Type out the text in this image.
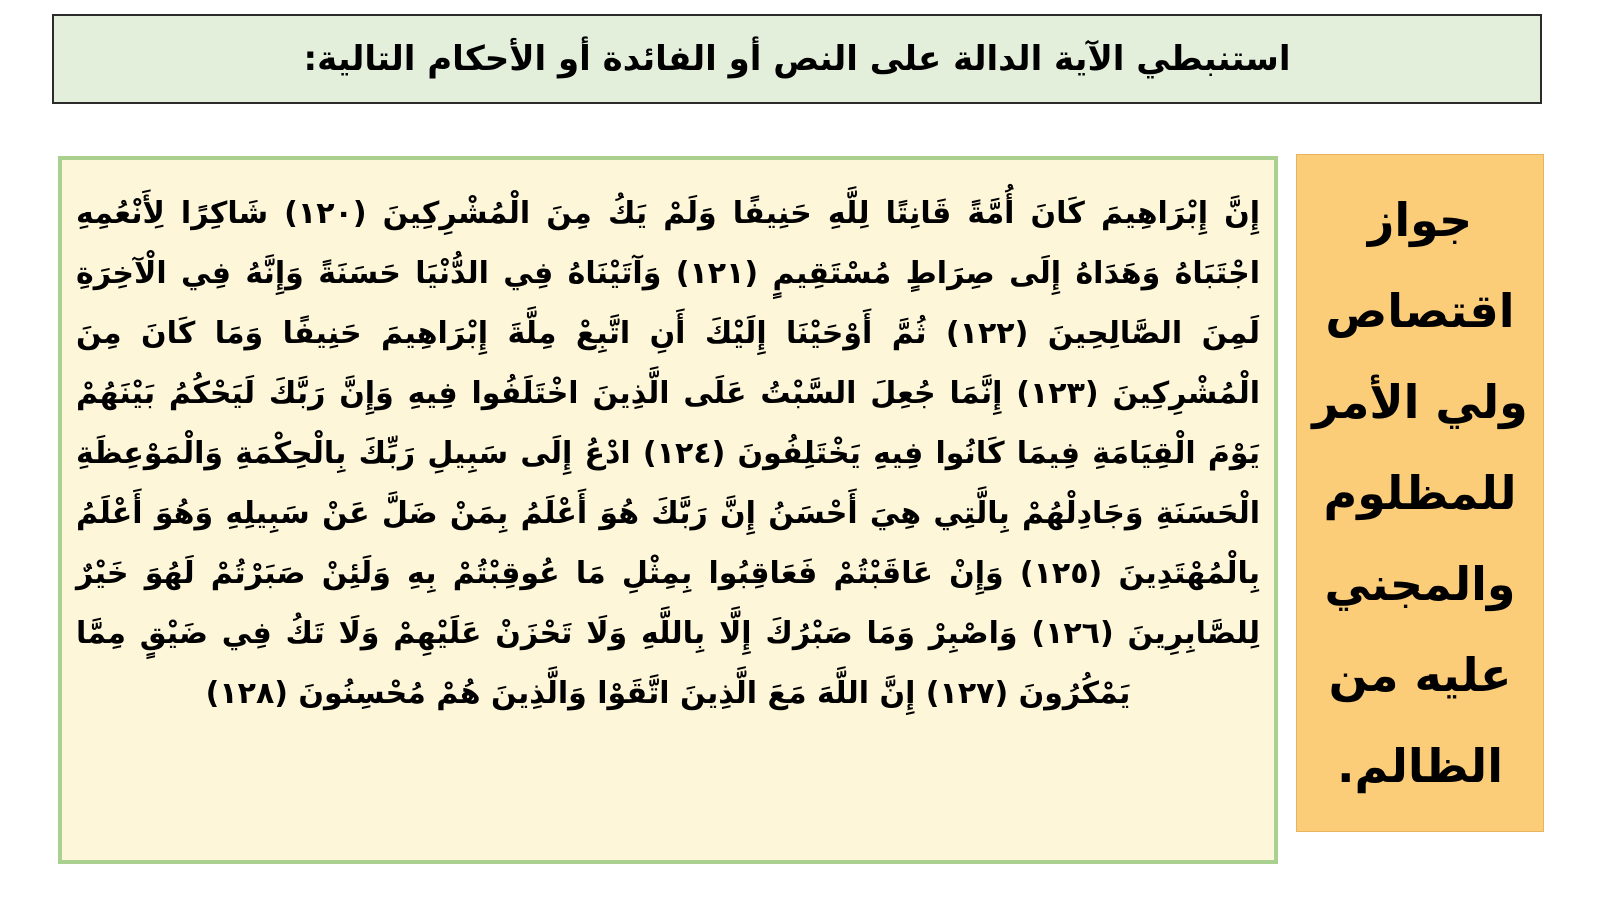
استنبطي الآية الدالة على النص أو الفائدة أو الأحكام التالية:
إِنَّ إِبْرَاهِيمَ كَانَ أُمَّةً قَانِتًا لِلَّهِ حَنِيفًا وَلَمْ يَكُ مِنَ الْمُشْرِكِينَ (١٢٠) شَاكِرًا لِأَنْعُمِهِ اجْتَبَاهُ وَهَدَاهُ إِلَى صِرَاطٍ مُسْتَقِيمٍ (١٢١) وَآتَيْنَاهُ فِي الدُّنْيَا حَسَنَةً وَإِنَّهُ فِي الْآخِرَةِ لَمِنَ الصَّالِحِينَ (١٢٢) ثُمَّ أَوْحَيْنَا إِلَيْكَ أَنِ اتَّبِعْ مِلَّةَ إِبْرَاهِيمَ حَنِيفًا وَمَا كَانَ مِنَ الْمُشْرِكِينَ (١٢٣) إِنَّمَا جُعِلَ السَّبْتُ عَلَى الَّذِينَ اخْتَلَفُوا فِيهِ وَإِنَّ رَبَّكَ لَيَحْكُمُ بَيْنَهُمْ يَوْمَ الْقِيَامَةِ فِيمَا كَانُوا فِيهِ يَخْتَلِفُونَ (١٢٤) ادْعُ إِلَى سَبِيلِ رَبِّكَ بِالْحِكْمَةِ وَالْمَوْعِظَةِ الْحَسَنَةِ وَجَادِلْهُمْ بِالَّتِي هِيَ أَحْسَنُ إِنَّ رَبَّكَ هُوَ أَعْلَمُ بِمَنْ ضَلَّ عَنْ سَبِيلِهِ وَهُوَ أَعْلَمُ بِالْمُهْتَدِينَ (١٢٥) وَإِنْ عَاقَبْتُمْ فَعَاقِبُوا بِمِثْلِ مَا عُوقِبْتُمْ بِهِ وَلَئِنْ صَبَرْتُمْ لَهُوَ خَيْرٌ لِلصَّابِرِينَ (١٢٦) وَاصْبِرْ وَمَا صَبْرُكَ إِلَّا بِاللَّهِ وَلَا تَحْزَنْ عَلَيْهِمْ وَلَا تَكُ فِي ضَيْقٍ مِمَّا يَمْكُرُونَ (١٢٧) إِنَّ اللَّهَ مَعَ الَّذِينَ اتَّقَوْا وَالَّذِينَ هُمْ مُحْسِنُونَ (١٢٨)
جواز
اقتصاص
ولي الأمر
للمظلوم
والمجني
عليه من
الظالم.
